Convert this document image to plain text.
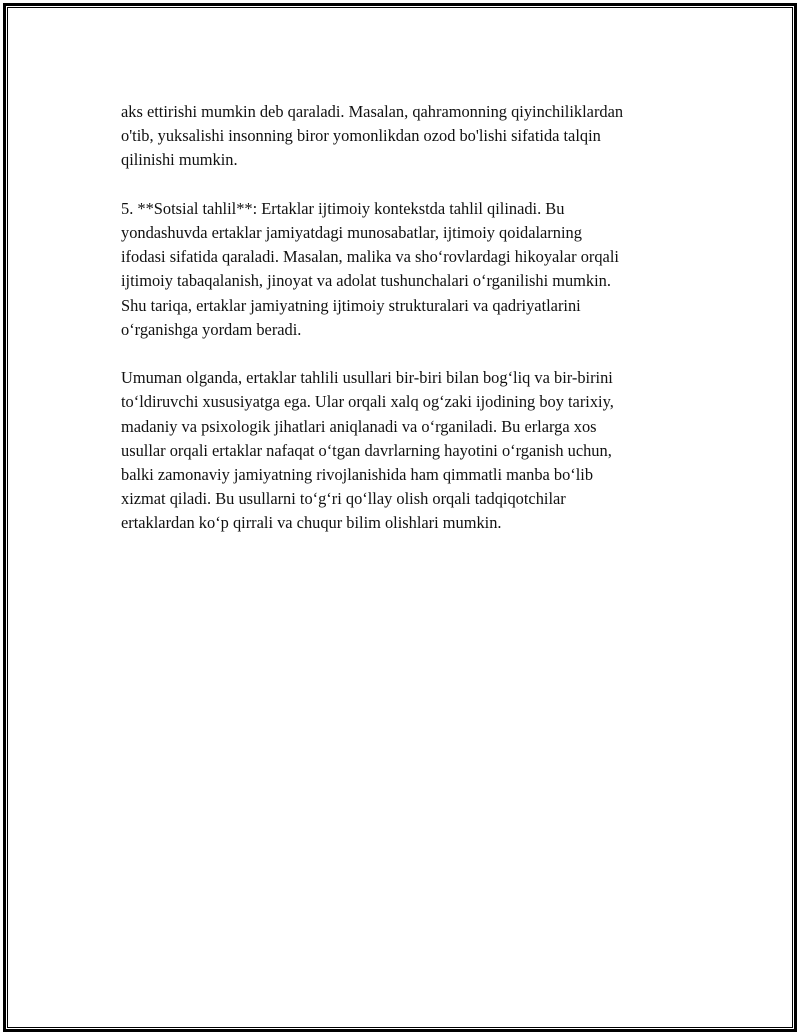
aks ettirishi mumkin deb qaraladi. Masalan, qahramonning qiyinchiliklardan
o'tib, yuksalishi insonning biror yomonlikdan ozod bo'lishi sifatida talqin
qilinishi mumkin.

5. **Sotsial tahlil**: Ertaklar ijtimoiy kontekstda tahlil qilinadi. Bu
yondashuvda ertaklar jamiyatdagi munosabatlar, ijtimoiy qoidalarning
ifodasi sifatida qaraladi. Masalan, malika va sho‘rovlardagi hikoyalar orqali
ijtimoiy tabaqalanish, jinoyat va adolat tushunchalari o‘rganilishi mumkin.
Shu tariqa, ertaklar jamiyatning ijtimoiy strukturalari va qadriyatlarini
o‘rganishga yordam beradi.

Umuman olganda, ertaklar tahlili usullari bir-biri bilan bog‘liq va bir-birini
to‘ldiruvchi xususiyatga ega. Ular orqali xalq og‘zaki ijodining boy tarixiy,
madaniy va psixologik jihatlari aniqlanadi va o‘rganiladi. Bu erlarga xos
usullar orqali ertaklar nafaqat o‘tgan davrlarning hayotini o‘rganish uchun,
balki zamonaviy jamiyatning rivojlanishida ham qimmatli manba bo‘lib
xizmat qiladi. Bu usullarni to‘g‘ri qo‘llay olish orqali tadqiqotchilar
ertaklardan ko‘p qirrali va chuqur bilim olishlari mumkin.
